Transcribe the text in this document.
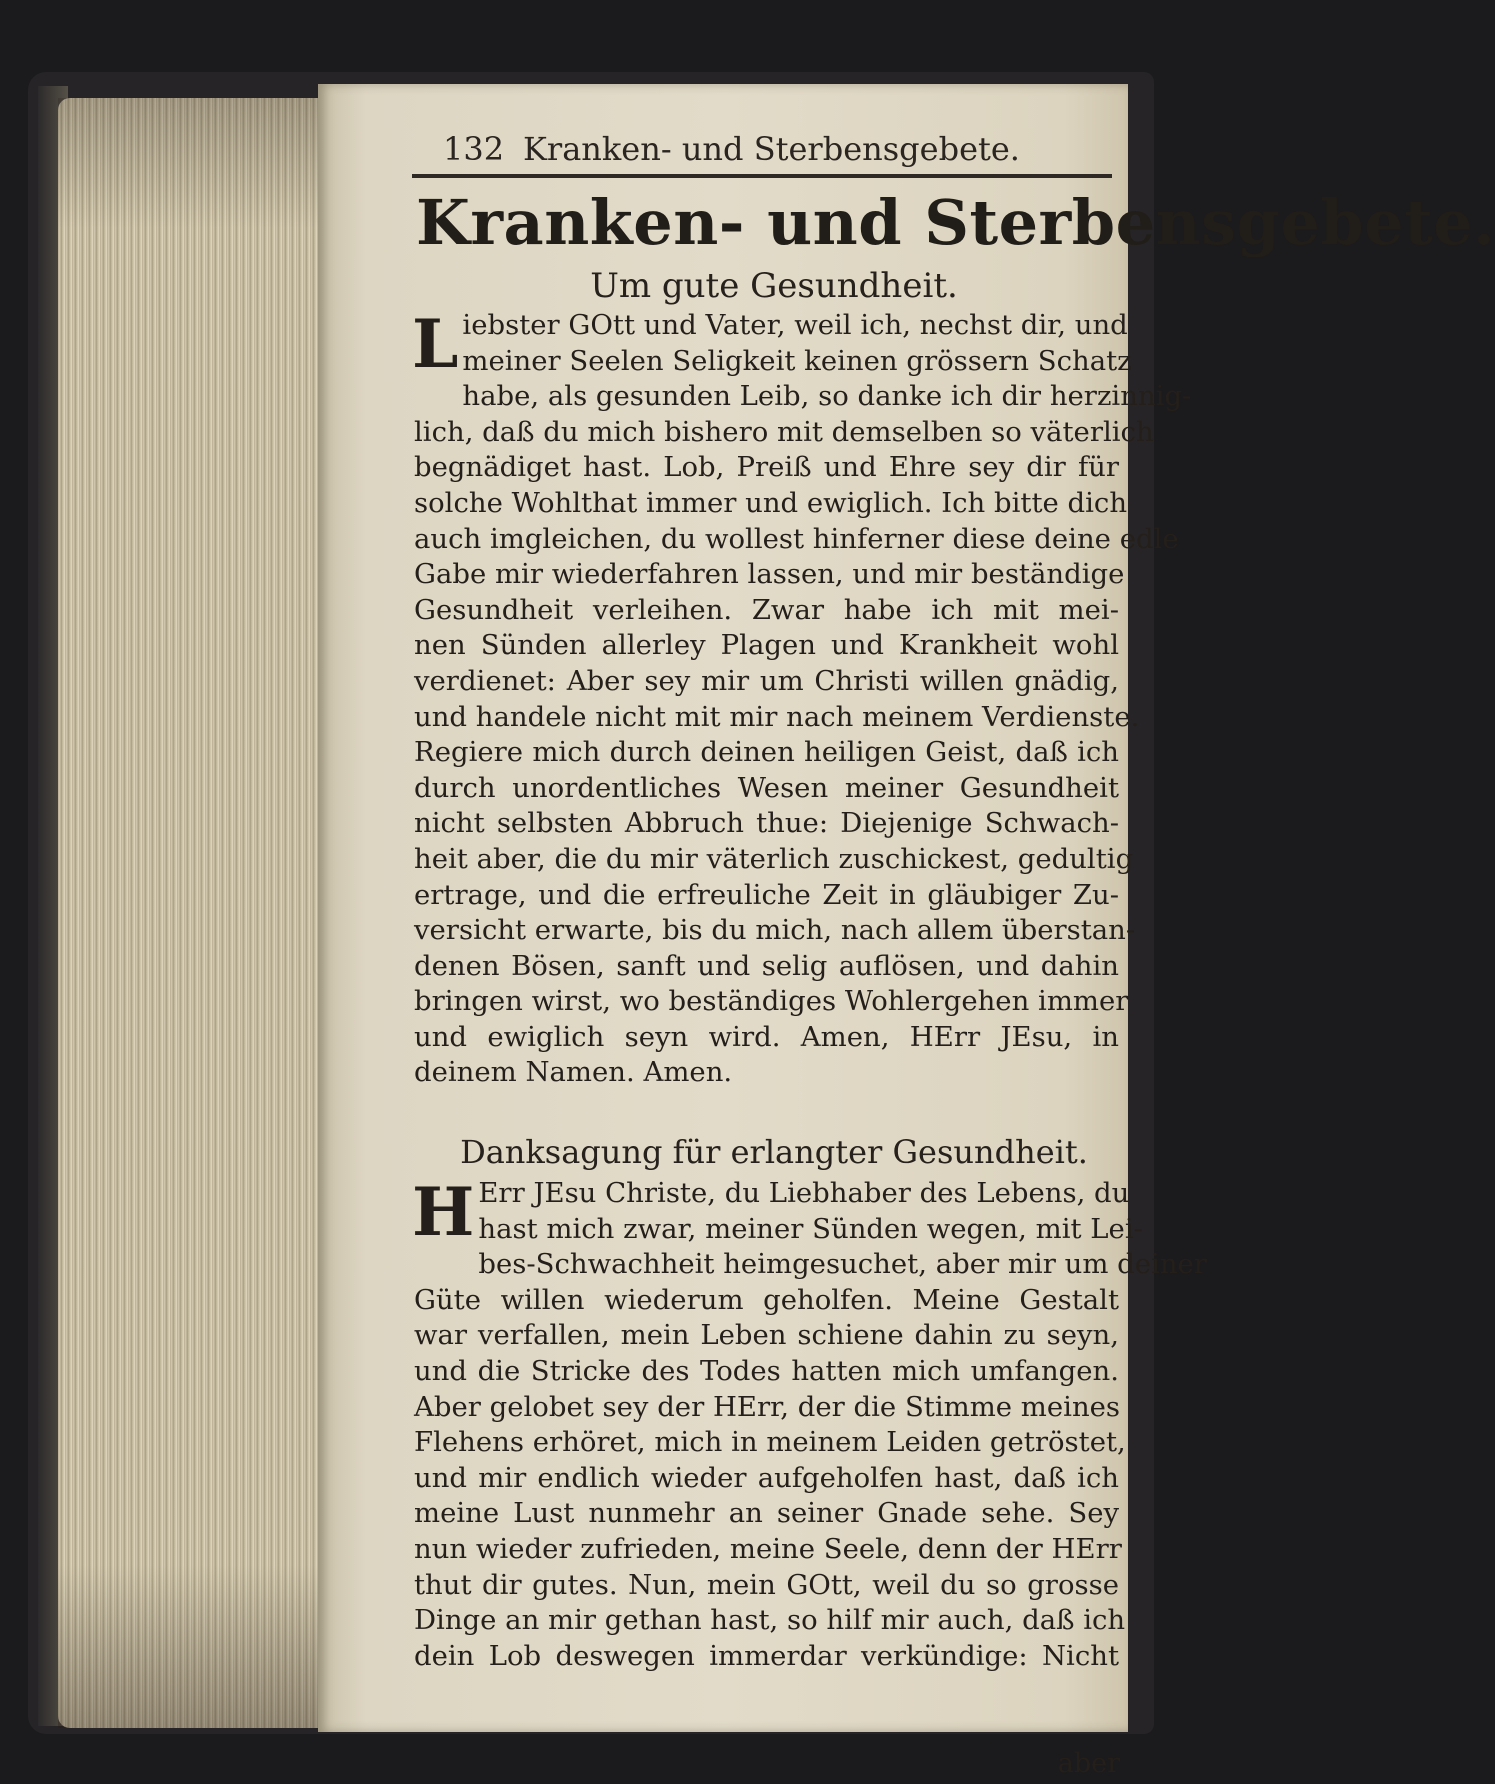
132 Kranken- und Sterbensgebete.
Kranken- und Sterbensgebete.
Um gute Gesundheit.
L iebster GOtt und Vater, weil ich, nechst dir, und
meiner Seelen Seligkeit keinen grössern Schatz
habe, als gesunden Leib, so danke ich dir herzinnig-
lich, daß du mich bishero mit demselben so väterlich
begnädiget hast. Lob, Preiß und Ehre sey dir für
solche Wohlthat immer und ewiglich. Ich bitte dich
auch imgleichen, du wollest hinferner diese deine edle
Gabe mir wiederfahren lassen, und mir beständige
Gesundheit verleihen. Zwar habe ich mit mei-
nen Sünden allerley Plagen und Krankheit wohl
verdienet: Aber sey mir um Christi willen gnädig,
und handele nicht mit mir nach meinem Verdienste.
Regiere mich durch deinen heiligen Geist, daß ich
durch unordentliches Wesen meiner Gesundheit
nicht selbsten Abbruch thue: Diejenige Schwach-
heit aber, die du mir väterlich zuschickest, gedultig
ertrage, und die erfreuliche Zeit in gläubiger Zu-
versicht erwarte, bis du mich, nach allem überstan-
denen Bösen, sanft und selig auflösen, und dahin
bringen wirst, wo beständiges Wohlergehen immer
und ewiglich seyn wird. Amen, HErr JEsu, in
deinem Namen. Amen.
Danksagung für erlangter Gesundheit.
H Err JEsu Christe, du Liebhaber des Lebens, du
hast mich zwar, meiner Sünden wegen, mit Lei-
bes-Schwachheit heimgesuchet, aber mir um deiner
Güte willen wiederum geholfen. Meine Gestalt
war verfallen, mein Leben schiene dahin zu seyn,
und die Stricke des Todes hatten mich umfangen.
Aber gelobet sey der HErr, der die Stimme meines
Flehens erhöret, mich in meinem Leiden getröstet,
und mir endlich wieder aufgeholfen hast, daß ich
meine Lust nunmehr an seiner Gnade sehe. Sey
nun wieder zufrieden, meine Seele, denn der HErr
thut dir gutes. Nun, mein GOtt, weil du so grosse
Dinge an mir gethan hast, so hilf mir auch, daß ich
dein Lob deswegen immerdar verkündige: Nicht
aber
